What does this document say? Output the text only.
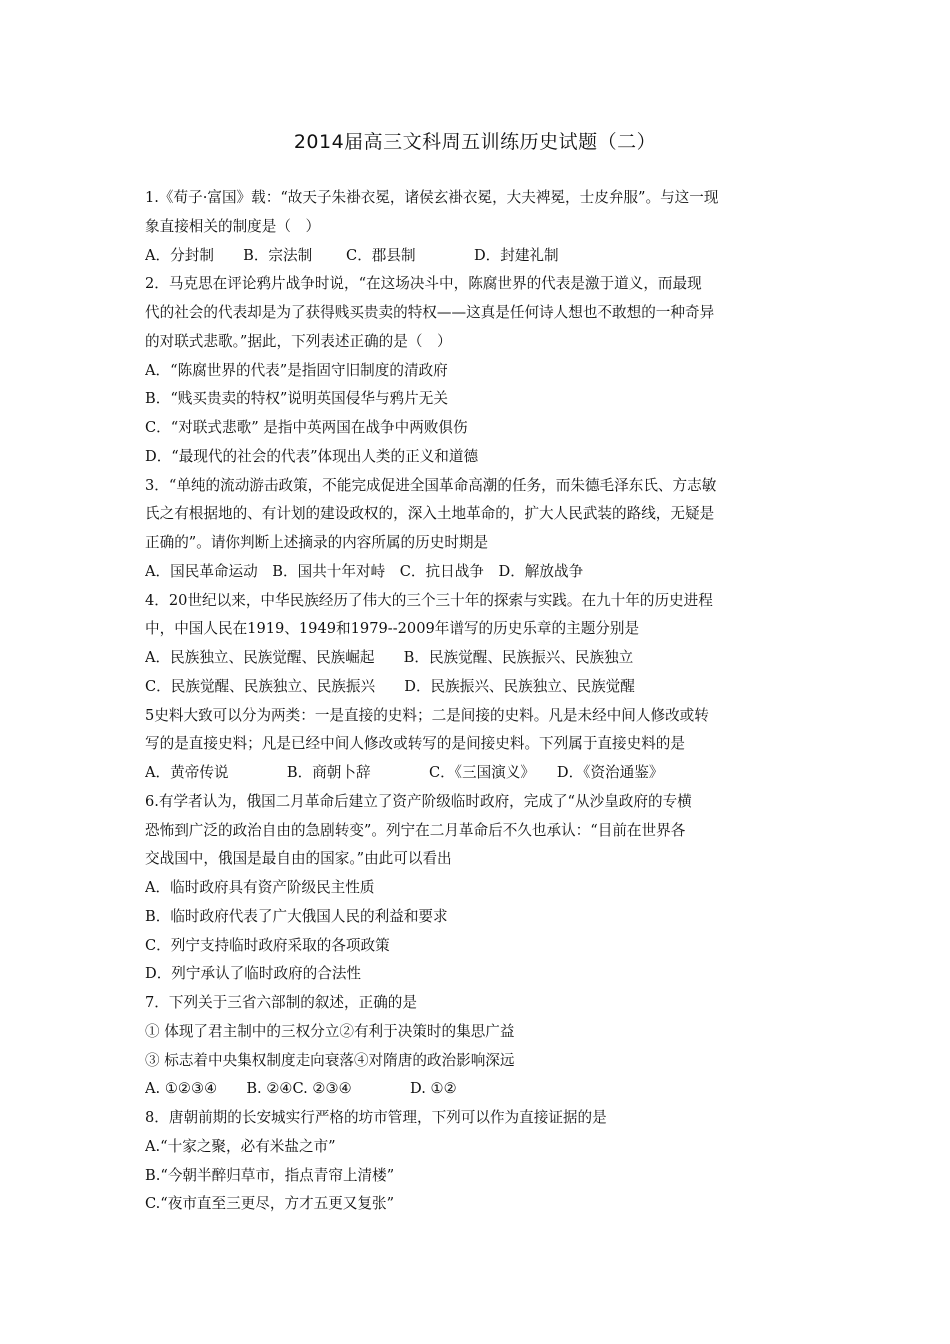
2014届高三文科周五训练历史试题（二）
1.《荀子·富国》载：“故天子朱褂衣冕，诸侯玄褂衣冕，大夫裨冕，士皮弁服”。与这一现
象直接相关的制度是（　）
A．分封制　　B．宗法制　　 C．郡县制　　　　D．封建礼制
2．马克思在评论鸦片战争时说，“在这场决斗中，陈腐世界的代表是激于道义，而最现
代的社会的代表却是为了获得贱买贵卖的特权——这真是任何诗人想也不敢想的一种奇异
的对联式悲歌。”据此，下列表述正确的是（　）
A．“陈腐世界的代表”是指固守旧制度的清政府
B．“贱买贵卖的特权”说明英国侵华与鸦片无关
C．“对联式悲歌” 是指中英两国在战争中两败俱伤
D．“最现代的社会的代表”体现出人类的正义和道德
3．“单纯的流动游击政策，不能完成促进全国革命高潮的任务，而朱德毛泽东氏、方志敏
氏之有根据地的、有计划的建设政权的，深入土地革命的，扩大人民武装的路线，无疑是
正确的”。请你判断上述摘录的内容所属的历史时期是
A．国民革命运动　B．国共十年对峙　C．抗日战争　D．解放战争
4．20世纪以来，中华民族经历了伟大的三个三十年的探索与实践。在九十年的历史进程
中，中国人民在1919、1949和1979--2009年谱写的历史乐章的主题分别是
A．民族独立、民族觉醒、民族崛起　　B．民族觉醒、民族振兴、民族独立
C．民族觉醒、民族独立、民族振兴　　D．民族振兴、民族独立、民族觉醒
5史料大致可以分为两类：一是直接的史料；二是间接的史料。凡是未经中间人修改或转
写的是直接史料；凡是已经中间人修改或转写的是间接史料。下列属于直接史料的是
A．黄帝传说　　　　B．商朝卜辞　　　　C．《三国演义》　　D．《资治通鉴》
6.有学者认为，俄国二月革命后建立了资产阶级临时政府，完成了“从沙皇政府的专横
恐怖到广泛的政治自由的急剧转变”。列宁在二月革命后不久也承认：“目前在世界各
交战国中，俄国是最自由的国家。”由此可以看出
A．临时政府具有资产阶级民主性质
B．临时政府代表了广大俄国人民的利益和要求
C．列宁支持临时政府采取的各项政策
D．列宁承认了临时政府的合法性
7．下列关于三省六部制的叙述，正确的是
① 体现了君主制中的三权分立②有利于决策时的集思广益
③ 标志着中央集权制度走向衰落④对隋唐的政治影响深远
A. ①②③④　　B. ②④C. ②③④　　　　D. ①②
8．唐朝前期的长安城实行严格的坊市管理，下列可以作为直接证据的是
A.“十家之聚，必有米盐之市”
B.“今朝半醉归草市，指点青帘上清楼”
C.“夜市直至三更尽，方才五更又复张”
